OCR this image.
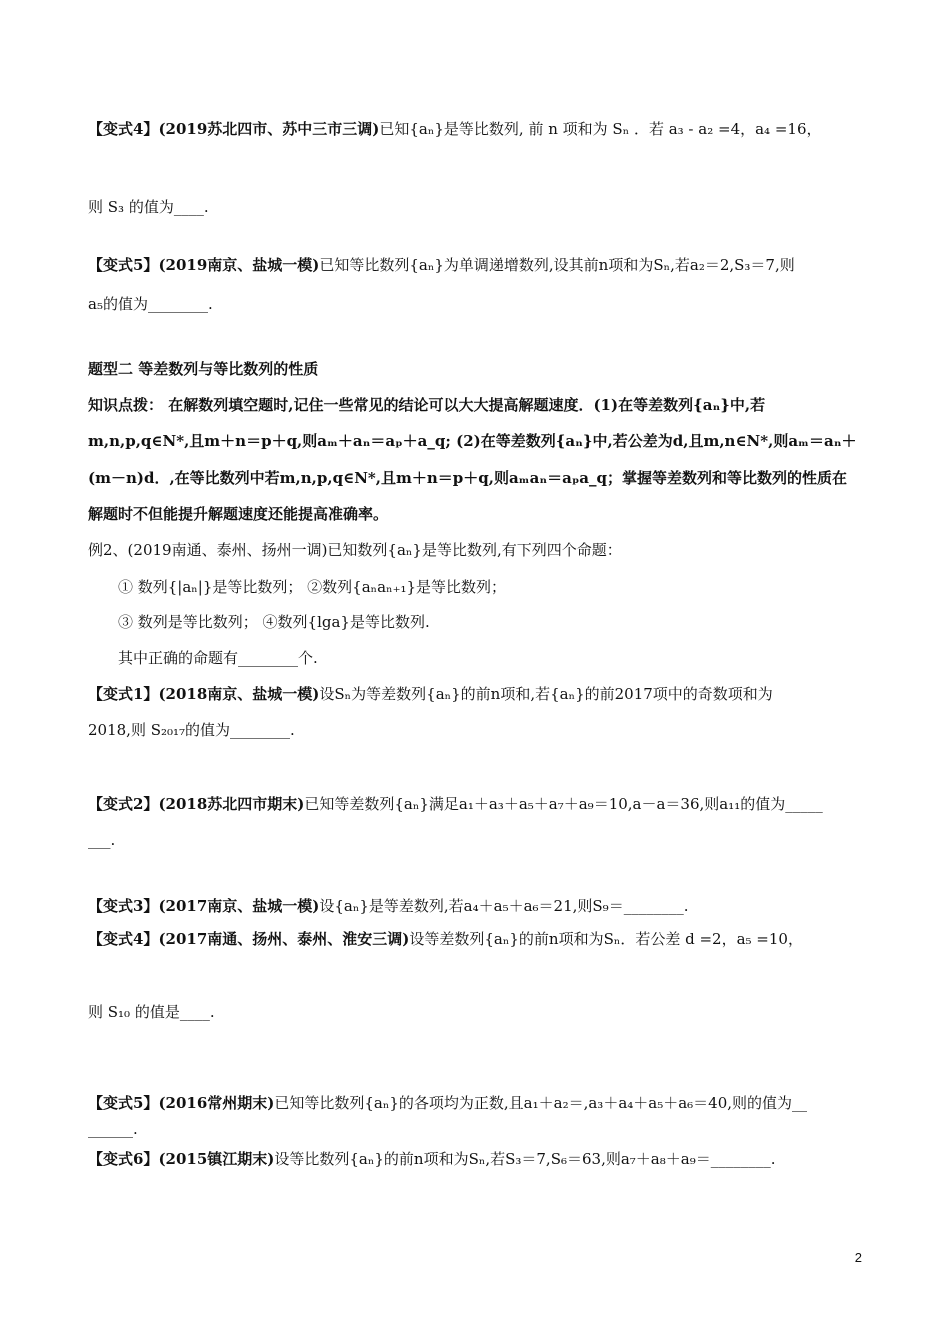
【变式4】(2019苏北四市、苏中三市三调)已知{aₙ}是等比数列, 前 n 项和为 Sₙ ．若 a₃ - a₂ =4，a₄ =16，
则 S₃ 的值为____.
【变式5】(2019南京、盐城一模)已知等比数列{aₙ}为单调递增数列,设其前n项和为Sₙ,若a₂＝2,S₃＝7,则
a₅的值为________.
题型二 等差数列与等比数列的性质
知识点拨： 在解数列填空题时,记住一些常见的结论可以大大提高解题速度．(1)在等差数列{aₙ}中,若
m,n,p,q∈N*,且m＋n＝p＋q,则aₘ＋aₙ＝aₚ＋a_q; (2)在等差数列{aₙ}中,若公差为d,且m,n∈N*,则aₘ＝aₙ＋
(m－n)d．,在等比数列中若m,n,p,q∈N*,且m＋n＝p＋q,则aₘaₙ＝aₚa_q；掌握等差数列和等比数列的性质在
解题时不但能提升解题速度还能提高准确率。
例2、(2019南通、泰州、扬州一调)已知数列{aₙ}是等比数列,有下列四个命题：
① 数列{|aₙ|}是等比数列； ②数列{aₙaₙ₊₁}是等比数列；
③ 数列是等比数列； ④数列{lga}是等比数列.
其中正确的命题有________个.
【变式1】(2018南京、盐城一模)设Sₙ为等差数列{aₙ}的前n项和,若{aₙ}的前2017项中的奇数项和为
2018,则 S₂₀₁₇的值为________.
【变式2】(2018苏北四市期末)已知等差数列{aₙ}满足a₁＋a₃＋a₅＋a₇＋a₉＝10,a－a＝36,则a₁₁的值为_____
___.
【变式3】(2017南京、盐城一模)设{aₙ}是等差数列,若a₄＋a₅＋a₆＝21,则S₉＝________.
【变式4】(2017南通、扬州、泰州、淮安三调)设等差数列{aₙ}的前n项和为Sₙ．若公差 d =2，a₅ =10，
则 S₁₀ 的值是____.
【变式5】(2016常州期末)已知等比数列{aₙ}的各项均为正数,且a₁＋a₂＝,a₃＋a₄＋a₅＋a₆＝40,则的值为__
______.
【变式6】(2015镇江期末)设等比数列{aₙ}的前n项和为Sₙ,若S₃＝7,S₆＝63,则a₇＋a₈＋a₉＝________.
2
